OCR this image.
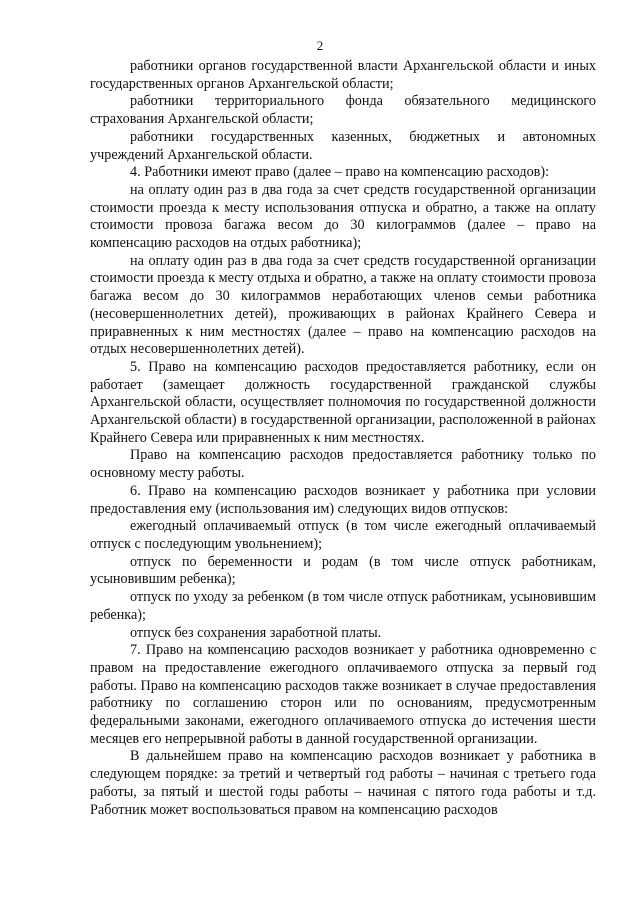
2

работники органов государственной власти Архангельской области и иных государственных органов Архангельской области;

работники территориального фонда обязательного медицинского страхования Архангельской области;

работники государственных казенных, бюджетных и автономных учреждений Архангельской области.

4. Работники имеют право (далее – право на компенсацию расходов):

на оплату один раз в два года за счет средств государственной организации стоимости проезда к месту использования отпуска и обратно, а также на оплату стоимости провоза багажа весом до 30 килограммов (далее – право на компенсацию расходов на отдых работника);

на оплату один раз в два года за счет средств государственной организации стоимости проезда к месту отдыха и обратно, а также на оплату стоимости провоза багажа весом до 30 килограммов неработающих членов семьи работника (несовершеннолетних детей), проживающих в районах Крайнего Севера и приравненных к ним местностях (далее – право на компенсацию расходов на отдых несовершеннолетних детей).

5. Право на компенсацию расходов предоставляется работнику, если он работает (замещает должность государственной гражданской службы Архангельской области, осуществляет полномочия по государственной должности Архангельской области) в государственной организации, расположенной в районах Крайнего Севера или приравненных к ним местностях.

Право на компенсацию расходов предоставляется работнику только по основному месту работы.

6. Право на компенсацию расходов возникает у работника при условии предоставления ему (использования им) следующих видов отпусков:

ежегодный оплачиваемый отпуск (в том числе ежегодный оплачиваемый отпуск с последующим увольнением);

отпуск по беременности и родам (в том числе отпуск работникам, усыновившим ребенка);

отпуск по уходу за ребенком (в том числе отпуск работникам, усыновившим ребенка);

отпуск без сохранения заработной платы.

7. Право на компенсацию расходов возникает у работника одновременно с правом на предоставление ежегодного оплачиваемого отпуска за первый год работы. Право на компенсацию расходов также возникает в случае предоставления работнику по соглашению сторон или по основаниям, предусмотренным федеральными законами, ежегодного оплачиваемого отпуска до истечения шести месяцев его непрерывной работы в данной государственной организации.

В дальнейшем право на компенсацию расходов возникает у работника в следующем порядке: за третий и четвертый год работы – начиная с третьего года работы, за пятый и шестой годы работы – начиная с пятого года работы и т.д. Работник может воспользоваться правом на компенсацию расходов
